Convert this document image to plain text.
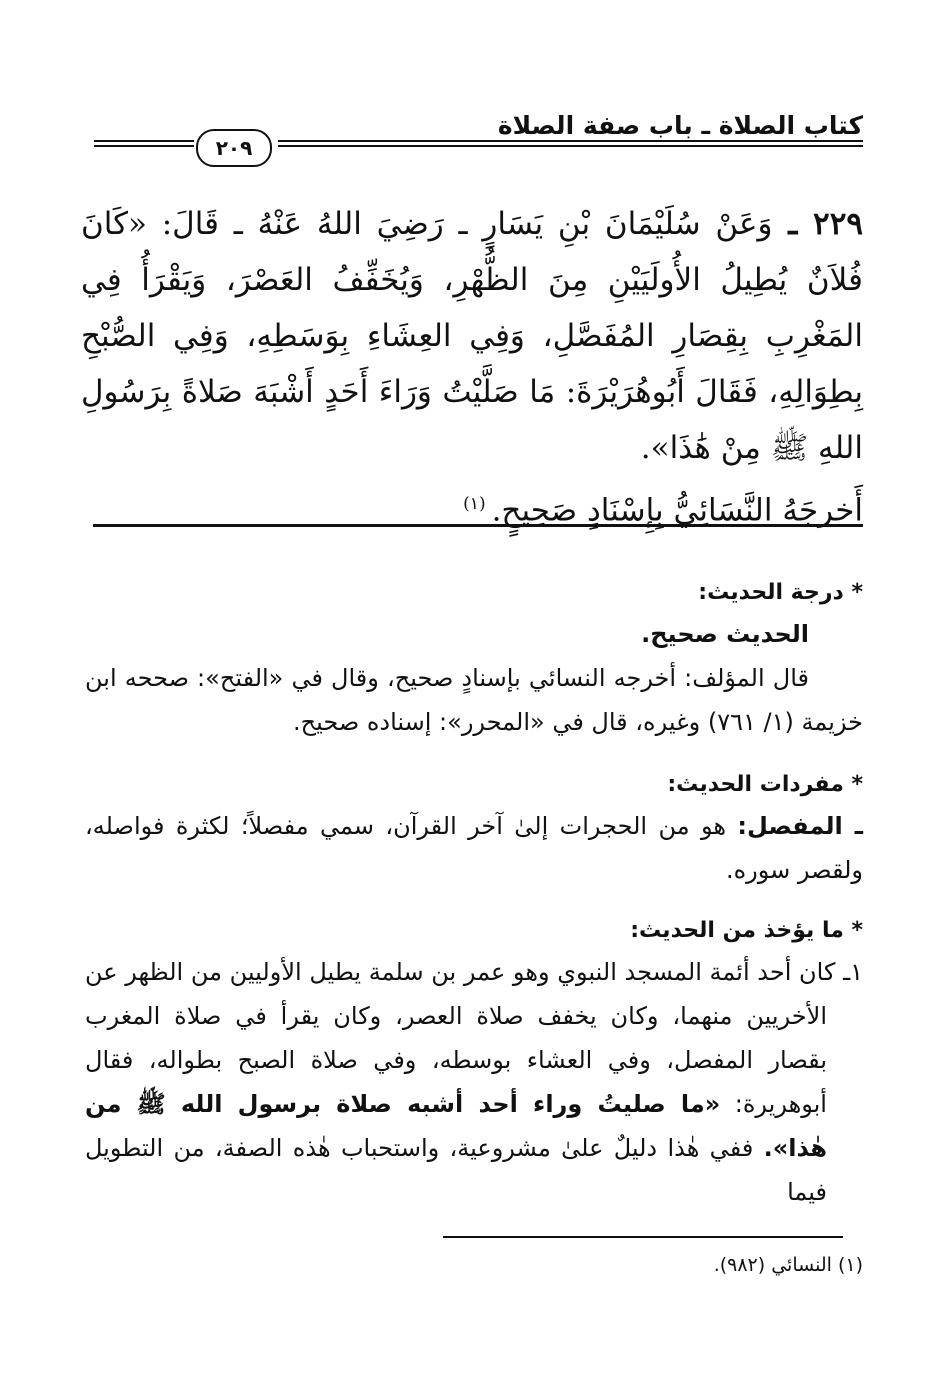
كتاب الصلاة ـ باب صفة الصلاة
٢٠٩
٢٢٩ ـ وَعَنْ سُلَيْمَانَ بْنِ يَسَارٍ ـ رَضِيَ اللهُ عَنْهُ ـ قَالَ: «كَانَ فُلاَنٌ يُطِيلُ الأُولَيَيْنِ مِنَ الظُّهْرِ، وَيُخَفِّفُ العَصْرَ، وَيَقْرَأُ فِي المَغْرِبِ بِقِصَارِ المُفَصَّلِ، وَفِي العِشَاءِ بِوَسَطِهِ، وَفِي الصُّبْحِ بِطِوَالِهِ، فَقَالَ أَبُوهُرَيْرَةَ: مَا صَلَّيْتُ وَرَاءَ أَحَدٍ أَشْبَهَ صَلاةً بِرَسُولِ اللهِ ﷺ مِنْ هَٰذَا».
أَخرجَهُ النَّسَائِيُّ بِإِسْنَادٍ صَحِيحٍ.$^{(١)}$

* درجة الحديث:

الحديث صحيح.

قال المؤلف: أخرجه النسائي بإسنادٍ صحيح، وقال في «الفتح»: صححه ابن خزيمة (١/ ٧٦١) وغيره، قال في «المحرر»: إسناده صحيح.

* مفردات الحديث:

ـ المفصل: هو من الحجرات إلىٰ آخر القرآن، سمي مفصلاً؛ لكثرة فواصله، ولقصر سوره.

* ما يؤخذ من الحديث:

١ـ كان أحد أئمة المسجد النبوي وهو عمر بن سلمة يطيل الأوليين من الظهر عن الأخريين منهما، وكان يخفف صلاة العصر، وكان يقرأ في صلاة المغرب بقصار المفصل، وفي العشاء بوسطه، وفي صلاة الصبح بطواله، فقال أبوهريرة: «ما صليتُ وراء أحد أشبه صلاة برسول الله ﷺ من هٰذا». ففي هٰذا دليلٌ علىٰ مشروعية، واستحباب هٰذه الصفة، من التطويل فيما

(١) النسائي (٩٨٢).
